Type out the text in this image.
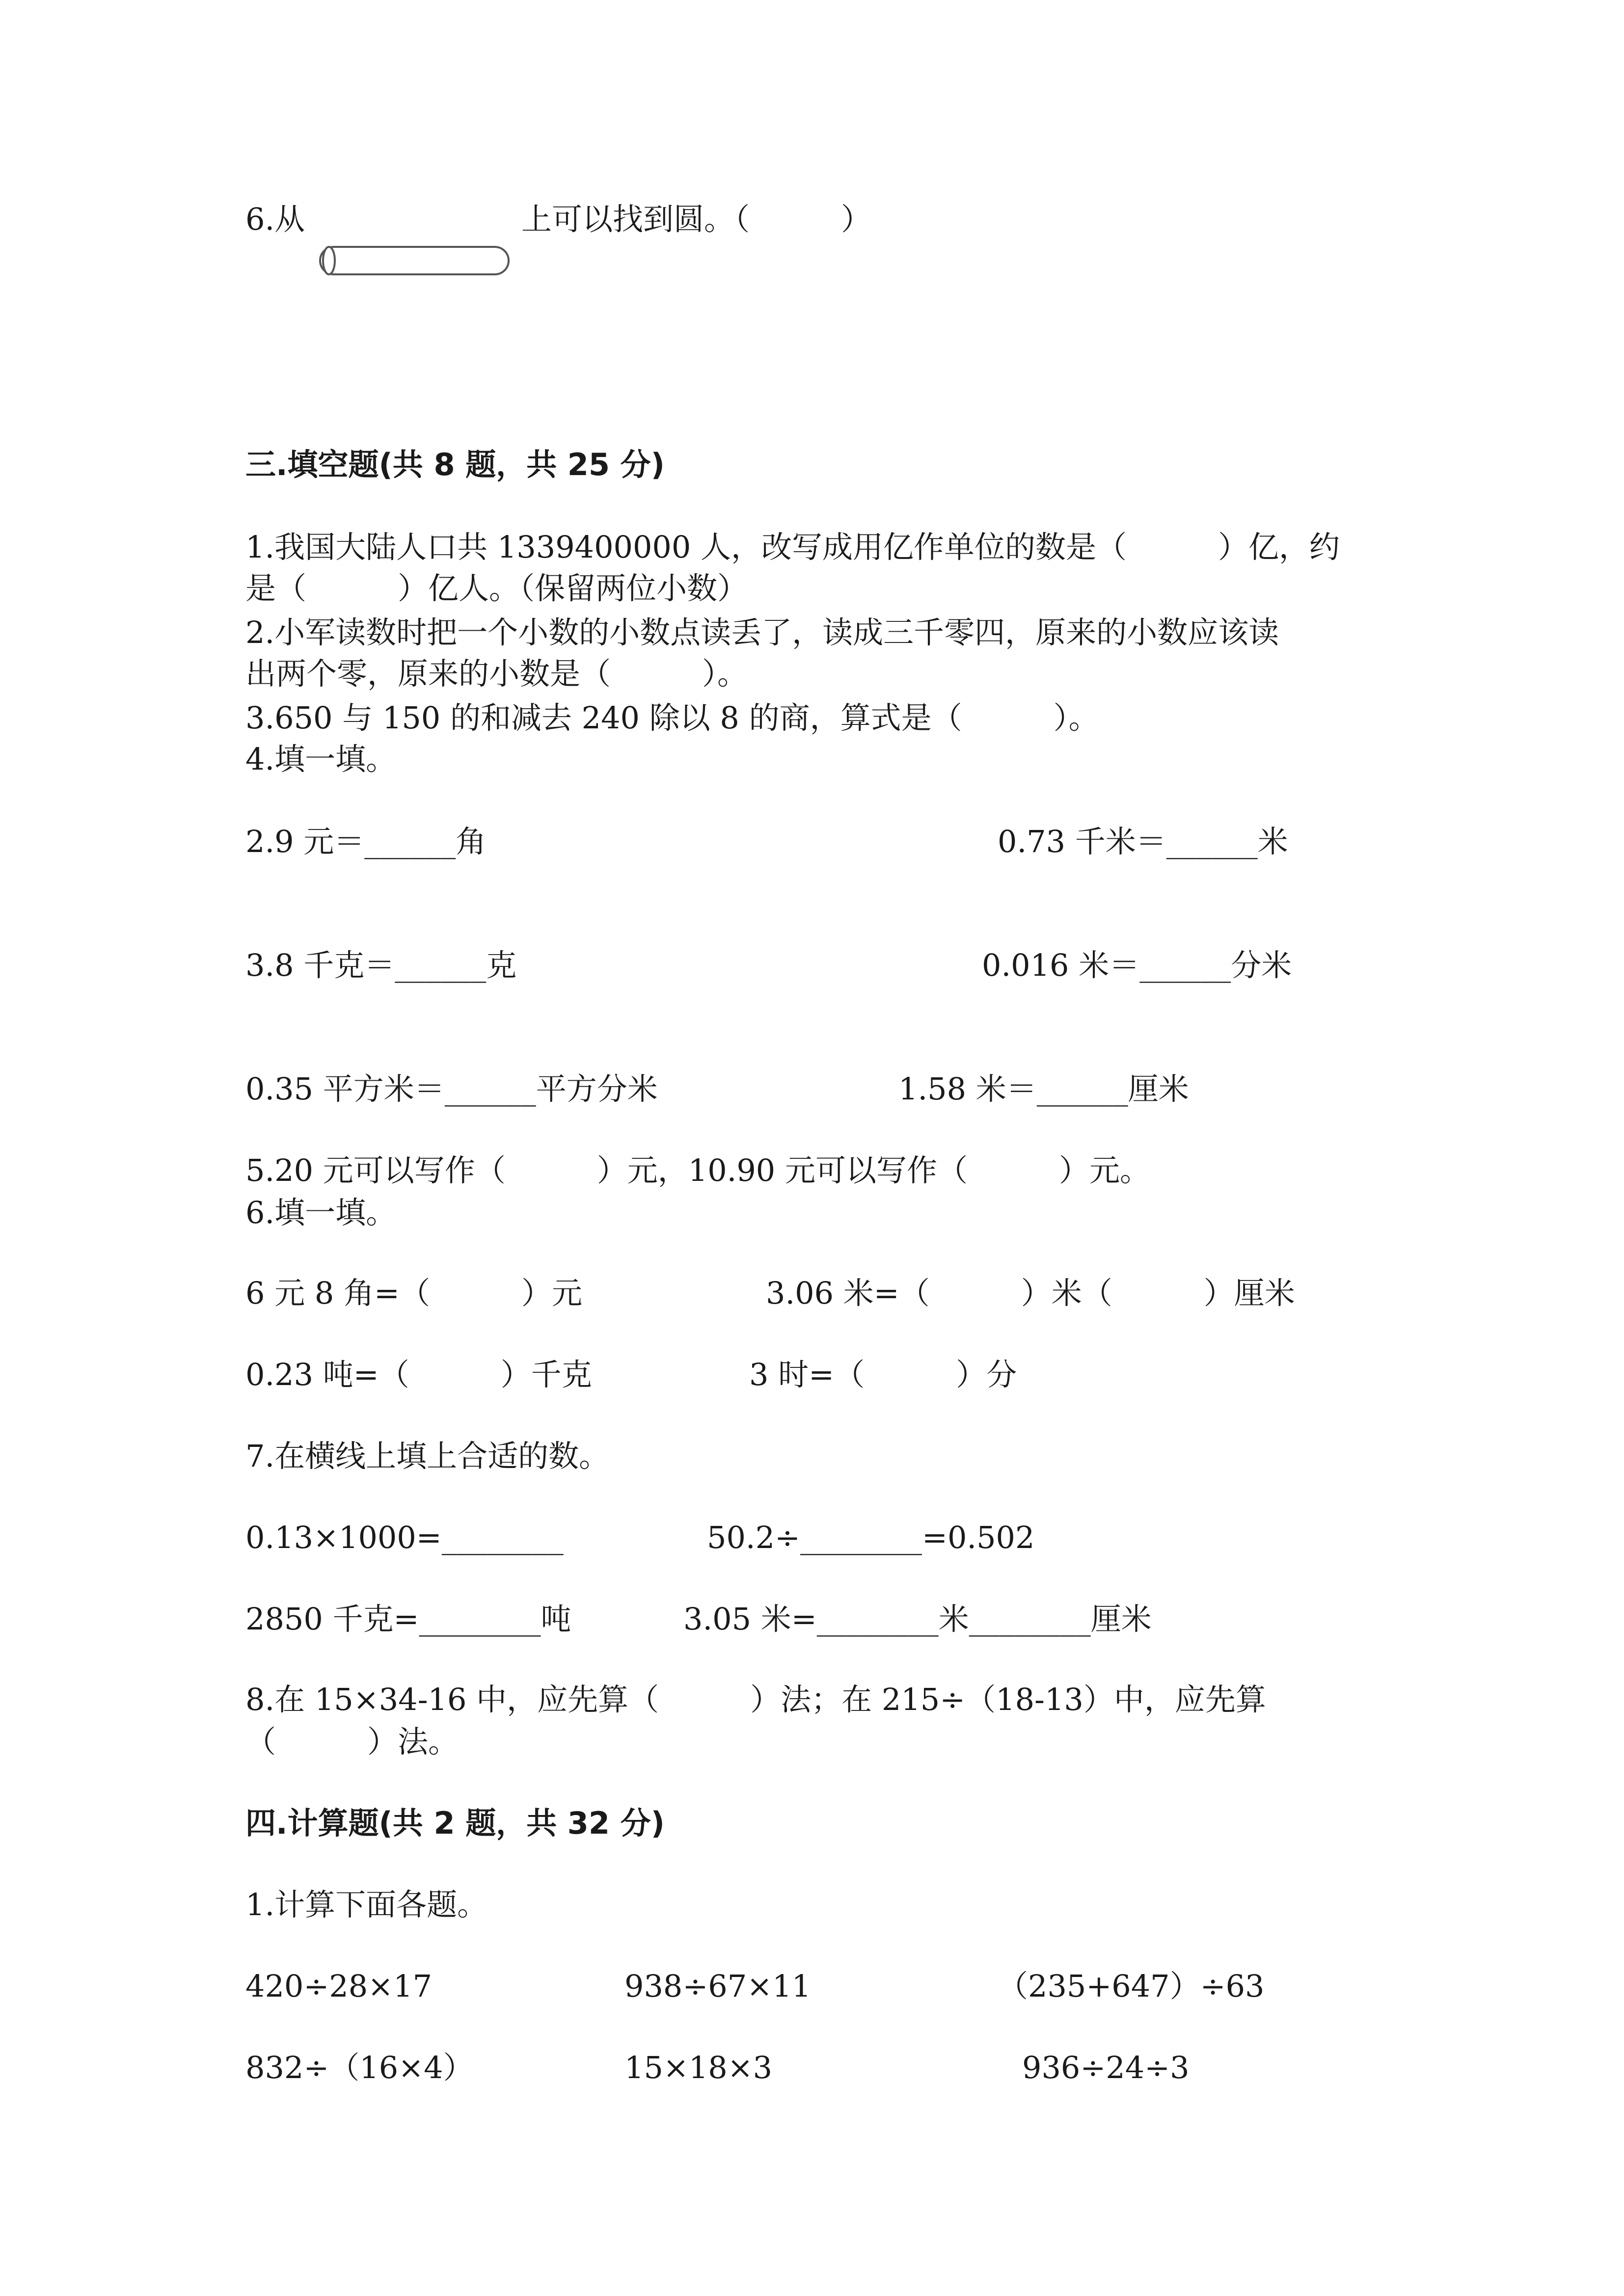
6.从	上可以找到圆。（　　　）
三.填空题(共 8 题，共 25 分)
1.我国大陆人口共 1339400000 人，改写成用亿作单位的数是（　　　）亿，约
是（　　　）亿人。（保留两位小数）
2.小军读数时把一个小数的小数点读丢了，读成三千零四，原来的小数应该读
出两个零，原来的小数是（　　　）。
3.650 与 150 的和减去 240 除以 8 的商，算式是（　　　）。
4.填一填。
2.9 元＝______角	0.73 千米＝______米
3.8 千克＝______克	0.016 米＝______分米
0.35 平方米＝______平方分米	1.58 米＝______厘米
5.20 元可以写作（　　　）元，10.90 元可以写作（　　　）元。
6.填一填。
6 元 8 角=（　　　）元	3.06 米=（　　　）米（　　　）厘米
0.23 吨=（　　　）千克	3 时=（　　　）分
7.在横线上填上合适的数。
0.13×1000=________	50.2÷________=0.502
2850 千克=________吨	3.05 米=________米________厘米
8.在 15×34-16 中，应先算（　　　）法；在 215÷（18-13）中，应先算
（　　　）法。
四.计算题(共 2 题，共 32 分)
1.计算下面各题。
420÷28×17	938÷67×11	（235+647）÷63
832÷（16×4）	15×18×3	936÷24÷3
